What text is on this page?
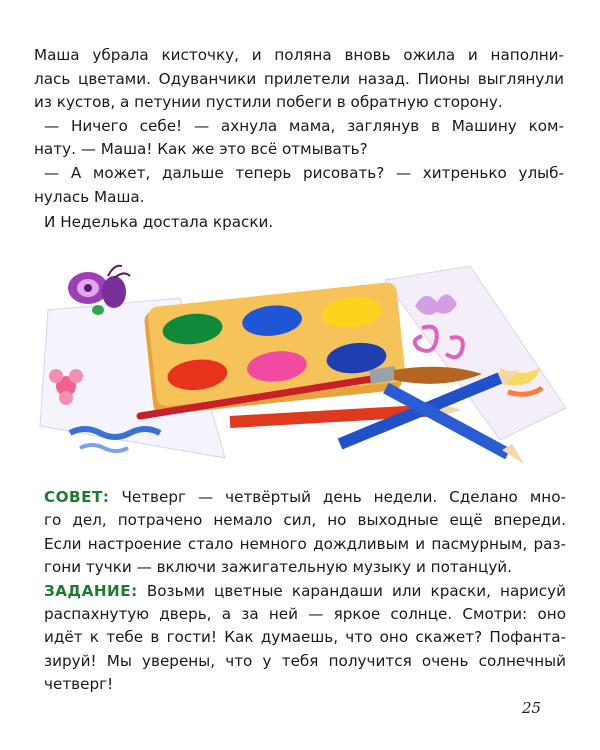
Маша убрала кисточку, и поляна вновь ожила и наполни-

лась цветами. Одуванчики прилетели назад. Пионы выглянули

из кустов, а петунии пустили побеги в обратную сторону.

— Ничего себе! — ахнула мама, заглянув в Машину ком-

нату. — Маша! Как же это всё отмывать?

— А может, дальше теперь рисовать? — хитренько улыб-

нулась Маша.

И Неделька достала краски.

СОВЕТ: Четверг — четвёртый день недели. Сделано мно-

го дел, потрачено немало сил, но выходные ещё впереди.

Если настроение стало немного дождливым и пасмурным, раз-

гони тучки — включи зажигательную музыку и потанцуй.

ЗАДАНИЕ: Возьми цветные карандаши или краски, нарисуй

распахнутую дверь, а за ней — яркое солнце. Смотри: оно

идёт к тебе в гости! Как думаешь, что оно скажет? Пофанта-

зируй! Мы уверены, что у тебя получится очень солнечный

четверг!

25
